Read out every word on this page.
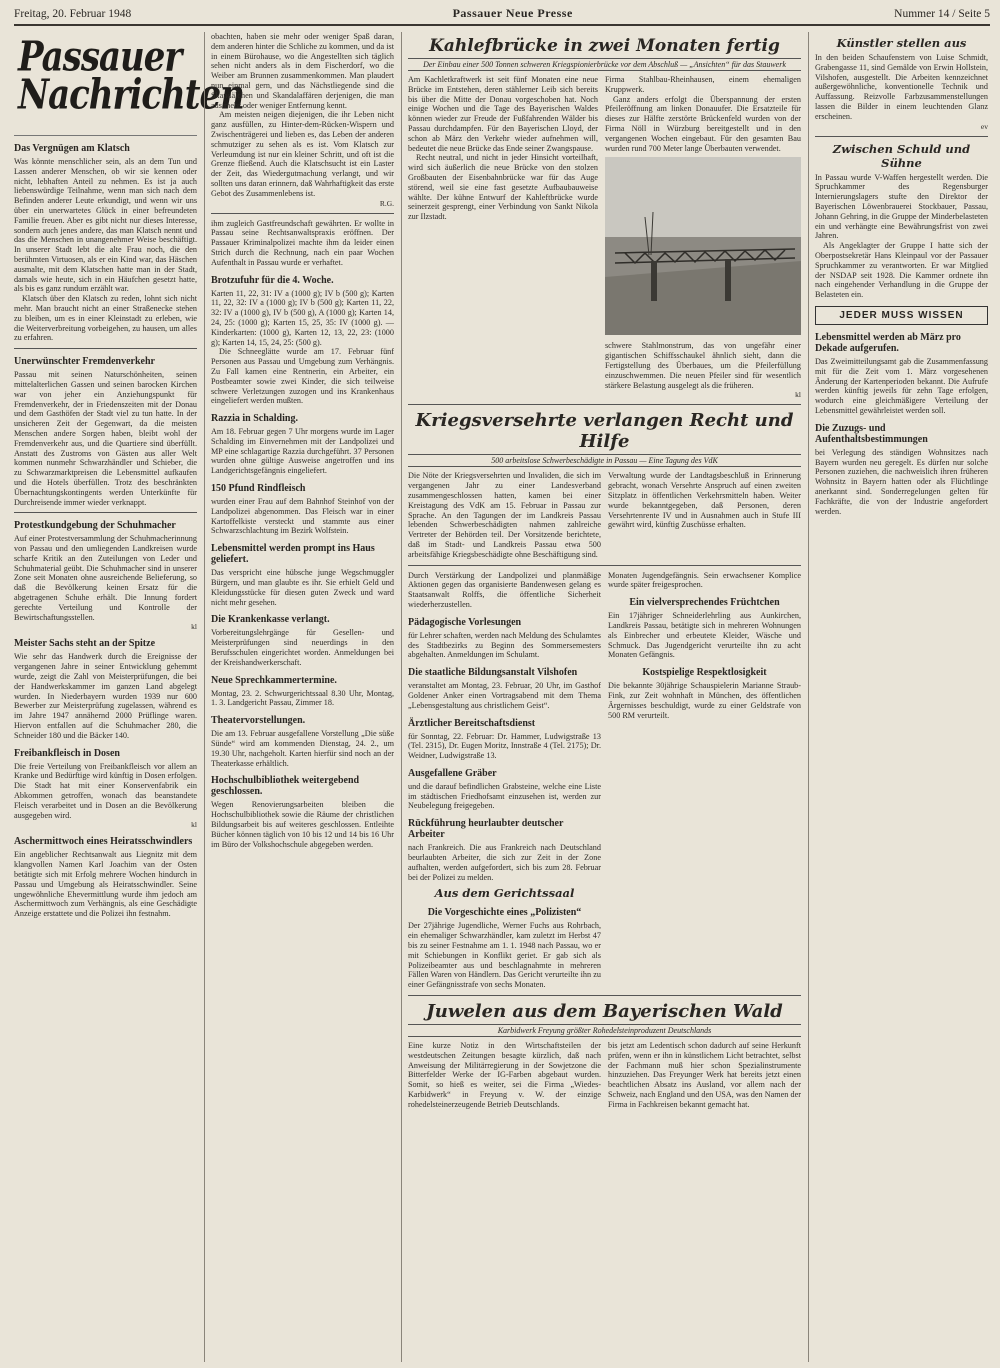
Freitag, 20. Februar 1948	Passauer Neue Presse	Nummer 14 / Seite 5
Passauer
Nachrichten
Das Vergnügen am Klatsch

Was könnte menschlicher sein, als an dem Tun und Lassen anderer Menschen, ob wir sie kennen oder nicht, lebhaften Anteil zu nehmen. Es ist ja auch liebenswürdige Teilnahme, wenn man sich nach dem Befinden anderer Leute erkundigt, und wenn wir uns über ein unerwartetes Glück in einer befreundeten Familie freuen. Aber es gibt nicht nur dieses Interesse, sondern auch jenes andere, das man Klatsch nennt und das die Menschen in unangenehmer Weise beschäftigt. In unserer Stadt lebt die alte Frau noch, die den berühmten Virtuosen, als er ein Kind war, das Häschen ausmalte, mit dem Klatschen hatte man in der Stadt, damals wie heute, sich in ein Häufchen gesetzt hatte, als bis es ganz rundum erzählt war.

Klatsch über den Klatsch zu reden, lohnt sich nicht mehr. Man braucht nicht an einer Straßenecke stehen zu bleiben, um es in einer Kleinstadt zu erleben, wie die Weiterverbreitung vorbeigehen, zu hausen, um alles zu erfahren.

Unerwünschter Fremdenverkehr

Passau mit seinen Naturschönheiten, seinen mittelalterlichen Gassen und seinen barocken Kirchen war von jeher ein Anziehungspunkt für Fremdenverkehr, der in Friedenszeiten mit der Donau und dem Gasthöfen der Stadt viel zu tun hatte. In der unsicheren Zeit der Gegenwart, da die meisten Menschen andere Sorgen haben, bleibt wohl der Fremdenverkehr aus, und die Quartiere sind überfüllt. Anstatt des Zustroms von Gästen aus aller Welt kommen nunmehr Schwarzhändler und Schieber, die zu Schwarzmarktpreisen die Lebensmittel aufkaufen und die Hotels überfüllen. Trotz des beschränkten Übernachtungskontingents werden Unterkünfte für Durchreisende immer wieder verknappt.

Protestkundgebung der Schuhmacher

Auf einer Protestversammlung der Schuhmacherinnung von Passau und den umliegenden Landkreisen wurde scharfe Kritik an den Zuteilungen von Leder und Schuhmaterial geübt. Die Schuhmacher sind in unserer Zone seit Monaten ohne ausreichende Belieferung, so daß die Bevölkerung keinen Ersatz für die abgetragenen Schuhe erhält. Die Innung fordert gerechte Verteilung und Kontrolle der Bewirtschaftungsstellen.

kl
Meister Sachs steht an der Spitze

Wie sehr das Handwerk durch die Ereignisse der vergangenen Jahre in seiner Entwicklung gehemmt wurde, zeigt die Zahl von Meisterprüfungen, die bei der Handwerkskammer im ganzen Land abgelegt wurden. In Niederbayern wurden 1939 nur 600 Bewerber zur Meisterprüfung zugelassen, während es im Jahre 1947 annähernd 2000 Prüflinge waren. Hiervon entfallen auf die Schuhmacher 280, die Schneider 180 und die Bäcker 140.

Freibankfleisch in Dosen

Die freie Verteilung von Freibankfleisch vor allem an Kranke und Bedürftige wird künftig in Dosen erfolgen. Die Stadt hat mit einer Konservenfabrik ein Abkommen getroffen, wonach das beanstandete Fleisch verarbeitet und in Dosen an die Bevölkerung ausgegeben wird.

kl
Aschermittwoch eines Heiratsschwindlers

Ein angeblicher Rechtsanwalt aus Liegnitz mit dem klangvollen Namen Karl Joachim van der Osten betätigte sich mit Erfolg mehrere Wochen hindurch in Passau und Umgebung als Heiratsschwindler. Seine ungewöhnliche Ehevermittlung wurde ihm jedoch am Aschermittwoch zum Verhängnis, als eine Geschädigte Anzeige erstattete und die Polizei ihn festnahm.

obachten, haben sie mehr oder weniger Spaß daran, dem anderen hinter die Schliche zu kommen, und da ist in einem Bürohause, wo die Angestellten sich täglich sehen nicht anders als in dem Fischerdorf, wo die Weiber am Brunnen zusammenkommen. Man plaudert nun einmal gern, und das Nächstliegende sind die Skandälchen und Skandalaffären derjenigen, die man aus mehr oder weniger Entfernung kennt.

Am meisten neigen diejenigen, die ihr Leben nicht ganz ausfüllen, zu Hinter-dem-Rücken-Wispern und Zwischenträgerei und lieben es, das Leben der anderen schmutziger zu sehen als es ist. Vom Klatsch zur Verleumdung ist nur ein kleiner Schritt, und oft ist die Grenze fließend. Auch die Klatschsucht ist ein Laster der Zeit, das Wiedergutmachung verlangt, und wir sollten uns daran erinnern, daß Wahrhaftigkeit das erste Gebot des Zusammenlebens ist.

R.G.

ihm zugleich Gastfreundschaft gewährten. Er wollte in Passau seine Rechtsanwaltspraxis eröffnen. Der Passauer Kriminalpolizei machte ihm da leider einen Strich durch die Rechnung, nach ein paar Wochen Aufenthalt in Passau wurde er verhaftet.

Brotzufuhr für die 4. Woche.

Karten 11, 22, 31: IV a (1000 g); IV b (500 g); Karten 11, 22, 32: IV a (1000 g); IV b (500 g); Karten 11, 22, 32: IV a (1000 g), IV b (500 g), A (1000 g); Karten 14, 24, 25: (1000 g); Karten 15, 25, 35: IV (1000 g). — Kinderkarten: (1000 g), Karten 12, 13, 22, 23: (1000 g); Karten 14, 15, 24, 25: (500 g).

Die Schneeglätte wurde am 17. Februar fünf Personen aus Passau und Umgebung zum Verhängnis. Zu Fall kamen eine Rentnerin, ein Arbeiter, ein Postbeamter sowie zwei Kinder, die sich teilweise schwere Verletzungen zuzogen und ins Krankenhaus eingeliefert werden mußten.

Razzia in Schalding.

Am 18. Februar gegen 7 Uhr morgens wurde im Lager Schalding im Einvernehmen mit der Landpolizei und MP eine schlagartige Razzia durchgeführt. 37 Personen wurden ohne gültige Ausweise angetroffen und ins Landgerichtsgefängnis eingeliefert.

150 Pfund Rindfleisch

wurden einer Frau auf dem Bahnhof Steinhof von der Landpolizei abgenommen. Das Fleisch war in einer Kartoffelkiste versteckt und stammte aus einer Schwarzschlachtung im Bezirk Wolfstein.

Lebensmittel werden prompt ins Haus geliefert.

Das verspricht eine hübsche junge Wegschmuggler Bürgern, und man glaubte es ihr. Sie erhielt Geld und Kleidungsstücke für diesen guten Zweck und ward nicht mehr gesehen.

Die Krankenkasse verlangt.

Vorbereitungslehrgänge für Gesellen- und Meisterprüfungen sind neuerdings in den Berufsschulen eingerichtet worden. Anmeldungen bei der Kreishandwerkerschaft.

Neue Sprechkammertermine.

Montag, 23. 2. Schwurgerichtssaal 8.30 Uhr, Montag, 1. 3. Landgericht Passau, Zimmer 18.

Theatervorstellungen.

Die am 13. Februar ausgefallene Vorstellung „Die süße Sünde“ wird am kommenden Dienstag, 24. 2., um 19.30 Uhr, nachgeholt. Karten hierfür sind noch an der Theaterkasse erhältlich.

Hochschulbibliothek weitergebend geschlossen.

Wegen Renovierungsarbeiten bleiben die Hochschulbibliothek sowie die Räume der christlichen Bildungsarbeit bis auf weiteres geschlossen. Entleihte Bücher können täglich von 10 bis 12 und 14 bis 16 Uhr im Büro der Volkshochschule abgegeben werden.

Kahlefbrücke in zwei Monaten fertig
Der Einbau einer 500 Tonnen schweren Kriegspionierbrücke vor dem Abschluß — „Ansichten“ für das Stauwerk

Am Kachletkraftwerk ist seit fünf Monaten eine neue Brücke im Entstehen, deren stählerner Leib sich bereits bis über die Mitte der Donau vorgeschoben hat. Noch einige Wochen und die Tage des Bayerischen Waldes können wieder zur Freude der Fußfahrenden Wälder bis Passau durchdampfen. Für den Bayerischen Lloyd, der schon ab März den Verkehr wieder aufnehmen will, bedeutet die neue Brücke das Ende seiner Zwangspause.

Recht neutral, und nicht in jeder Hinsicht vorteilhaft, wird sich äußerlich die neue Brücke von den stolzen Großbauten der Eisenbahnbrücke war für das Auge störend, weil sie eine fast gesetzte Aufbaubauweise wählte. Der kühne Entwurf der Kahleftbrücke wurde seinerzeit gesprengt, einer Verbindung von Sankt Nikola zur Ilzstadt.

Firma Stahlbau-Rheinhausen, einem ehemaligen Kruppwerk.

Ganz anders erfolgt die Überspannung der ersten Pfeileröffnung am linken Donauufer. Die Ersatzteile für dieses zur Hälfte zerstörte Brückenfeld wurden von der Firma Nöll in Würzburg bereitgestellt und in den vergangenen Wochen eingebaut. Für den gesamten Bau wurden rund 700 Meter lange Überbauten verwendet.

schwere Stahlmonstrum, das von ungefähr einer gigantischen Schiffsschaukel ähnlich sieht, dann die Fertigstellung des Überbaues, um die Pfeilerfüllung einzuschwemmen. Die neuen Pfeiler sind für wesentlich stärkere Belastung ausgelegt als die früheren.

kl
Kriegsversehrte verlangen Recht und Hilfe
500 arbeitslose Schwerbeschädigte in Passau — Eine Tagung des VdK

Die Nöte der Kriegsversehrten und Invaliden, die sich im vergangenen Jahr zu einer Landesverband zusammengeschlossen hatten, kamen bei einer Kreistagung des VdK am 15. Februar in Passau zur Sprache. An den Tagungen der im Landkreis Passau lebenden Schwerbeschädigten nahmen zahlreiche Vertreter der Behörden teil. Der Vorsitzende berichtete, daß im Stadt- und Landkreis Passau etwa 500 arbeitsfähige Kriegsbeschädigte ohne Beschäftigung sind.

Verwaltung wurde der Landtagsbeschluß in Erinnerung gebracht, wonach Versehrte Anspruch auf einen zweiten Sitzplatz in öffentlichen Verkehrsmitteln haben. Weiter wurde bekanntgegeben, daß Personen, deren Versehrtenrente IV und in Ausnahmen auch in Stufe III gewährt wird, künftig Zuschüsse erhalten.

Durch Verstärkung der Landpolizei und planmäßige Aktionen gegen das organisierte Bandenwesen gelang es Staatsanwalt Rolffs, die öffentliche Sicherheit wiederherzustellen.

Pädagogische Vorlesungen

für Lehrer schaften, werden nach Meldung des Schulamtes des Stadtbezirks zu Beginn des Sommersemesters abgehalten. Anmeldungen im Schulamt.

Die staatliche Bildungsanstalt Vilshofen

veranstaltet am Montag, 23. Februar, 20 Uhr, im Gasthof Goldener Anker einen Vortragsabend mit dem Thema „Lebensgestaltung aus christlichem Geist“.

Ärztlicher Bereitschaftsdienst

für Sonntag, 22. Februar: Dr. Hammer, Ludwigstraße 13 (Tel. 2315), Dr. Eugen Moritz, Innstraße 4 (Tel. 2175); Dr. Weidner, Ludwigstraße 13.

Ausgefallene Gräber

und die darauf befindlichen Grabsteine, welche eine Liste im städtischen Friedhofsamt einzusehen ist, werden zur Neubelegung freigegeben.

Rückführung heurlaubter deutscher Arbeiter

nach Frankreich. Die aus Frankreich nach Deutschland beurlaubten Arbeiter, die sich zur Zeit in der Zone aufhalten, werden aufgefordert, sich bis zum 28. Februar bei der Polizei zu melden.

Aus dem Gerichtssaal
Die Vorgeschichte eines „Polizisten“

Der 27jährige Jugendliche, Werner Fuchs aus Rohrbach, ein ehemaliger Schwarzhändler, kam zuletzt im Herbst 47 bis zu seiner Festnahme am 1. 1. 1948 nach Passau, wo er mit Schiebungen in Konflikt geriet. Er gab sich als Polizeibeamter aus und beschlagnahmte in mehreren Fällen Waren von Händlern. Das Gericht verurteilte ihn zu einer Gefängnisstrafe von sechs Monaten.

Monaten Jugendgefängnis. Sein erwachsener Komplice wurde später freigesprochen.

Ein vielversprechendes Früchtchen

Ein 17jähriger Schneiderlehrling aus Aunkirchen, Landkreis Passau, betätigte sich in mehreren Wohnungen als Einbrecher und erbeutete Kleider, Wäsche und Schmuck. Das Jugendgericht verurteilte ihn zu acht Monaten Gefängnis.

Kostspielige Respektlosigkeit

Die bekannte 30jährige Schauspielerin Marianne Straub-Fink, zur Zeit wohnhaft in München, des öffentlichen Ärgernisses beschuldigt, wurde zu einer Geldstrafe von 500 RM verurteilt.

Juwelen aus dem Bayerischen Wald
Karbidwerk Freyung größter Rohedelsteinproduzent Deutschlands

Eine kurze Notiz in den Wirtschaftsteilen der westdeutschen Zeitungen besagte kürzlich, daß nach Anweisung der Militärregierung in der Sowjetzone die Bitterfelder Werke der IG-Farben abgebaut wurden. Somit, so hieß es weiter, sei die Firma „Wiedes-Karbidwerk“ in Freyung v. W. der einzige rohedelsteinerzeugende Betrieb Deutschlands.

bis jetzt am Ledentisch schon dadurch auf seine Herkunft prüfen, wenn er ihn in künstlichem Licht betrachtet, selbst der Fachmann muß hier schon Spezialinstrumente hinzuziehen. Das Freyunger Werk hat bereits jetzt einen beachtlichen Absatz ins Ausland, vor allem nach der Schweiz, nach England und den USA, was den Namen der Firma in Fachkreisen bekannt gemacht hat.

Künstler stellen aus

In den beiden Schaufenstern von Luise Schmidt, Grabengasse 11, sind Gemälde von Erwin Hollstein, Vilshofen, ausgestellt. Die Arbeiten kennzeichnet außergewöhnliche, konventionelle Technik und Auffassung. Reizvolle Farbzusammenstellungen lassen die Bilder in einem leuchtenden Glanz erscheinen.

ev
Zwischen Schuld und Sühne

In Passau wurde V-Waffen hergestellt werden. Die Spruchkammer des Regensburger Internierungslagers stufte den Direktor der Bayerischen Löwenbrauerei Stockbauer, Passau, Johann Gehring, in die Gruppe der Minderbelasteten ein und verhängte eine Bewährungsfrist von zwei Jahren.

Als Angeklagter der Gruppe I hatte sich der Oberpostsekretär Hans Kleinpaul vor der Passauer Spruchkammer zu verantworten. Er war Mitglied der NSDAP seit 1928. Die Kammer ordnete ihn nach eingehender Verhandlung in die Gruppe der Belasteten ein.

JEDER MUSS WISSEN
Lebensmittel werden ab März pro Dekade aufgerufen.

Das Zweimitteilungsamt gab die Zusammenfassung mit für die Zeit vom 1. März vorgesehenen Änderung der Kartenperioden bekannt. Die Aufrufe werden künftig jeweils für zehn Tage erfolgen, wodurch eine gleichmäßigere Verteilung der Lebensmittel gewährleistet werden soll.

Die Zuzugs- und Aufenthaltsbestimmungen

bei Verlegung des ständigen Wohnsitzes nach Bayern wurden neu geregelt. Es dürfen nur solche Personen zuziehen, die nachweislich ihren früheren Wohnsitz in Bayern hatten oder als Flüchtlinge anerkannt sind. Sonderregelungen gelten für Fachkräfte, die von der Industrie angefordert werden.
